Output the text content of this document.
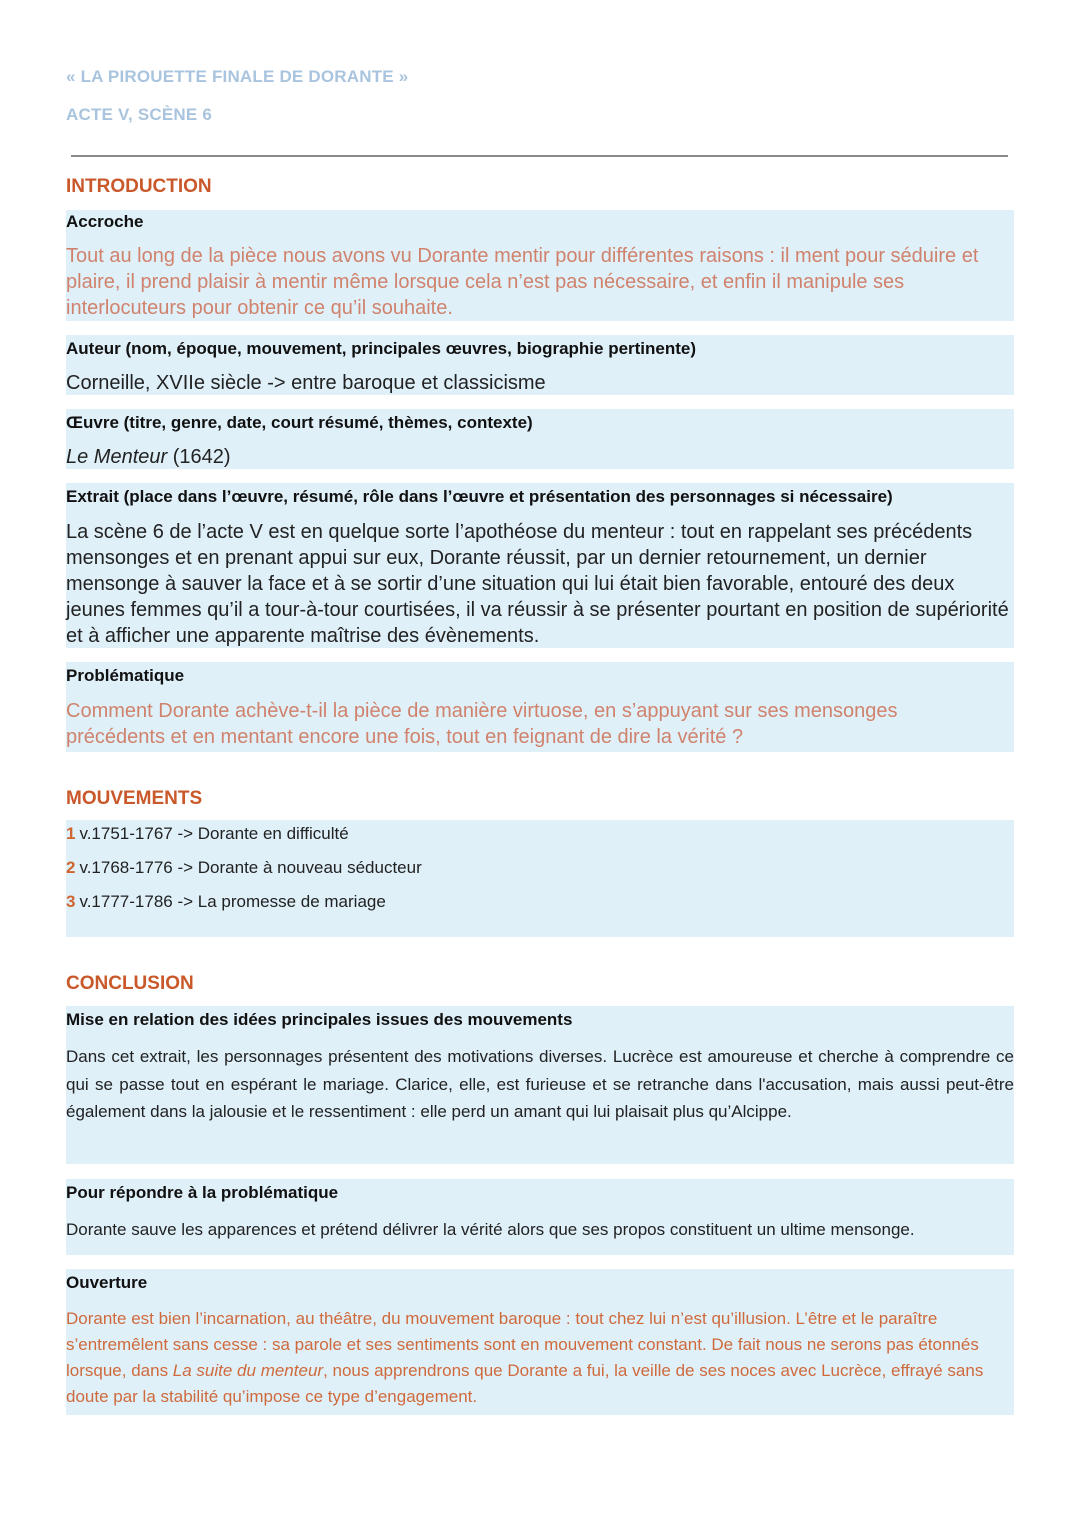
« LA PIROUETTE FINALE DE DORANTE »
ACTE V, SCÈNE 6
INTRODUCTION
Accroche
Tout au long de la pièce nous avons vu Dorante mentir pour différentes raisons : il ment pour séduire et plaire, il prend plaisir à mentir même lorsque cela n’est pas nécessaire, et enfin il manipule ses interlocuteurs pour obtenir ce qu’il souhaite.
Auteur (nom, époque, mouvement, principales œuvres, biographie pertinente)
Corneille, XVIIe siècle -> entre baroque et classicisme
Œuvre (titre, genre, date, court résumé, thèmes, contexte)
Le Menteur (1642)
Extrait (place dans l’œuvre, résumé, rôle dans l’œuvre et présentation des personnages si nécessaire)
La scène 6 de l’acte V est en quelque sorte l’apothéose du menteur : tout en rappelant ses précédents mensonges et en prenant appui sur eux, Dorante réussit, par un dernier retournement, un dernier mensonge à sauver la face et à se sortir d’une situation qui lui était bien favorable, entouré des deux jeunes femmes qu’il a tour-à-tour courtisées, il va réussir à se présenter pourtant en position de supériorité et à afficher une apparente maîtrise des évènements.
Problématique
Comment Dorante achève-t-il la pièce de manière virtuose, en s’appuyant sur ses mensonges précédents et en mentant encore une fois, tout en feignant de dire la vérité ?
MOUVEMENTS
1 v.1751-1767 -> Dorante en difficulté
2 v.1768-1776 -> Dorante à nouveau séducteur
3 v.1777-1786 -> La promesse de mariage
CONCLUSION
Mise en relation des idées principales issues des mouvements
Dans cet extrait, les personnages présentent des motivations diverses. Lucrèce est amoureuse et cherche à comprendre ce qui se passe tout en espérant le mariage. Clarice, elle, est furieuse et se retranche dans l'accusation, mais aussi peut-être également dans la jalousie et le ressentiment : elle perd un amant qui lui plaisait plus qu’Alcippe.
Pour répondre à la problématique
Dorante sauve les apparences et prétend délivrer la vérité alors que ses propos constituent un ultime mensonge.
Ouverture
Dorante est bien l’incarnation, au théâtre, du mouvement baroque : tout chez lui n’est qu’illusion. L’être et le paraître s’entremêlent sans cesse : sa parole et ses sentiments sont en mouvement constant. De fait nous ne serons pas étonnés lorsque, dans La suite du menteur, nous apprendrons que Dorante a fui, la veille de ses noces avec Lucrèce, effrayé sans doute par la stabilité qu’impose ce type d’engagement.
